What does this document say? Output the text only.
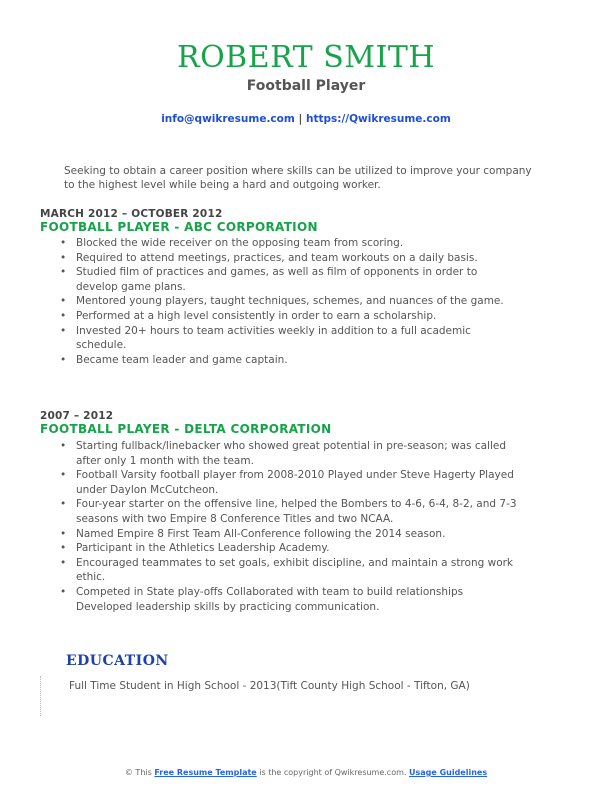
ROBERT SMITH
Football Player
info@qwikresume.com | https://Qwikresume.com
Seeking to obtain a career position where skills can be utilized to improve your company to the highest level while being a hard and outgoing worker.
MARCH 2012 – OCTOBER 2012
FOOTBALL PLAYER - ABC CORPORATION
• Blocked the wide receiver on the opposing team from scoring.
• Required to attend meetings, practices, and team workouts on a daily basis.
• Studied film of practices and games, as well as film of opponents in order to develop game plans.
• Mentored young players, taught techniques, schemes, and nuances of the game.
• Performed at a high level consistently in order to earn a scholarship.
• Invested 20+ hours to team activities weekly in addition to a full academic schedule.
• Became team leader and game captain.
2007 – 2012
FOOTBALL PLAYER - DELTA CORPORATION
• Starting fullback/linebacker who showed great potential in pre-season; was called after only 1 month with the team.
• Football Varsity football player from 2008-2010 Played under Steve Hagerty Played under Daylon McCutcheon.
• Four-year starter on the offensive line, helped the Bombers to 4-6, 6-4, 8-2, and 7-3 seasons with two Empire 8 Conference Titles and two NCAA.
• Named Empire 8 First Team All-Conference following the 2014 season.
• Participant in the Athletics Leadership Academy.
• Encouraged teammates to set goals, exhibit discipline, and maintain a strong work ethic.
• Competed in State play-offs Collaborated with team to build relationships Developed leadership skills by practicing communication.
EDUCATION
Full Time Student in High School - 2013(Tift County High School - Tifton, GA)
© This Free Resume Template is the copyright of Qwikresume.com. Usage Guidelines
